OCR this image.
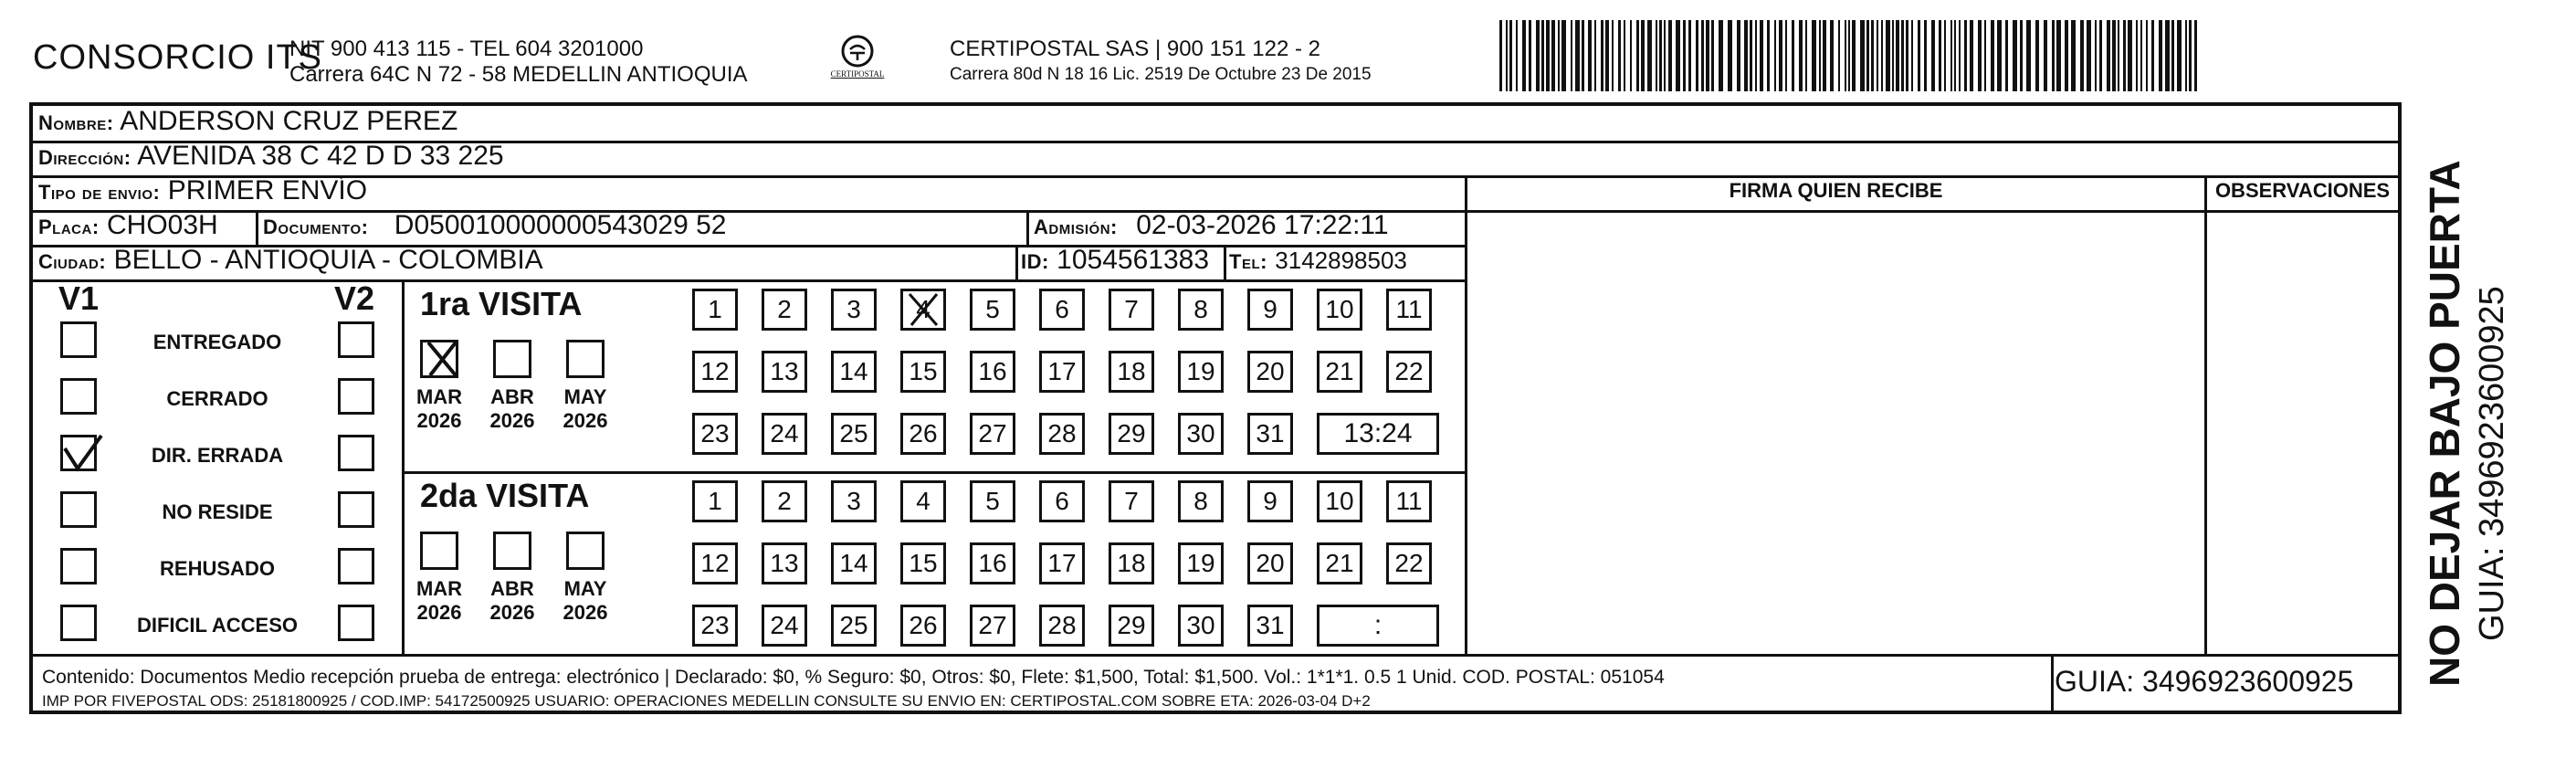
CONSORCIO ITS
NIT 900 413 115 - TEL 604 3201000
Carrera 64C N 72 - 58 MEDELLIN ANTIOQUIA	CERTIPOSTAL
CERTIPOSTAL SAS | 900 151 122 - 2
Carrera 80d N 18 16 Lic. 2519 De Octubre 23 De 2015
Nombre: ANDERSON CRUZ PEREZ
Dirección: AVENIDA 38 C 42 D D 33 225
Tipo de envio: PRIMER ENVÍO	FIRMA QUIEN RECIBE	OBSERVACIONES
Placa: CHO03H Documento: D050010000000543029 52	Admisión: 02-03-2026 17:22:11
Ciudad: BELLO - ANTIOQUIA - COLOMBIA	ID: 1054561383 Tel: 3142898503
V1	V2
ENTREGADO
CERRADO
DIR. ERRADA
NO RESIDE
REHUSADO
DIFICIL ACCESO
1ra VISITA
MAR
2026
ABR
2026
MAY
2026
1	2	3	4	5	6	7	8	9	10	11
12	13	14	15	16	17	18	19	20	21	22
23	24	25	26	27	28	29	30	31	13:24
2da VISITA
MAR
2026
ABR
2026
MAY
2026
1	2	3	4	5	6	7	8	9	10	11
12	13	14	15	16	17	18	19	20	21	22
23	24	25	26	27	28	29	30	31	:
Contenido: Documentos Medio recepción prueba de entrega: electrónico | Declarado: $0, % Seguro: $0, Otros: $0, Flete: $1,500, Total: $1,500. Vol.: 1*1*1. 0.5 1 Unid. COD. POSTAL: 051054
IMP POR FIVEPOSTAL ODS: 25181800925 / COD.IMP: 54172500925 USUARIO: OPERACIONES MEDELLIN CONSULTE SU ENVIO EN: CERTIPOSTAL.COM SOBRE ETA: 2026-03-04 D+2
GUIA: 3496923600925 NO DEJAR BAJO PUERTA GUIA: 3496923600925
